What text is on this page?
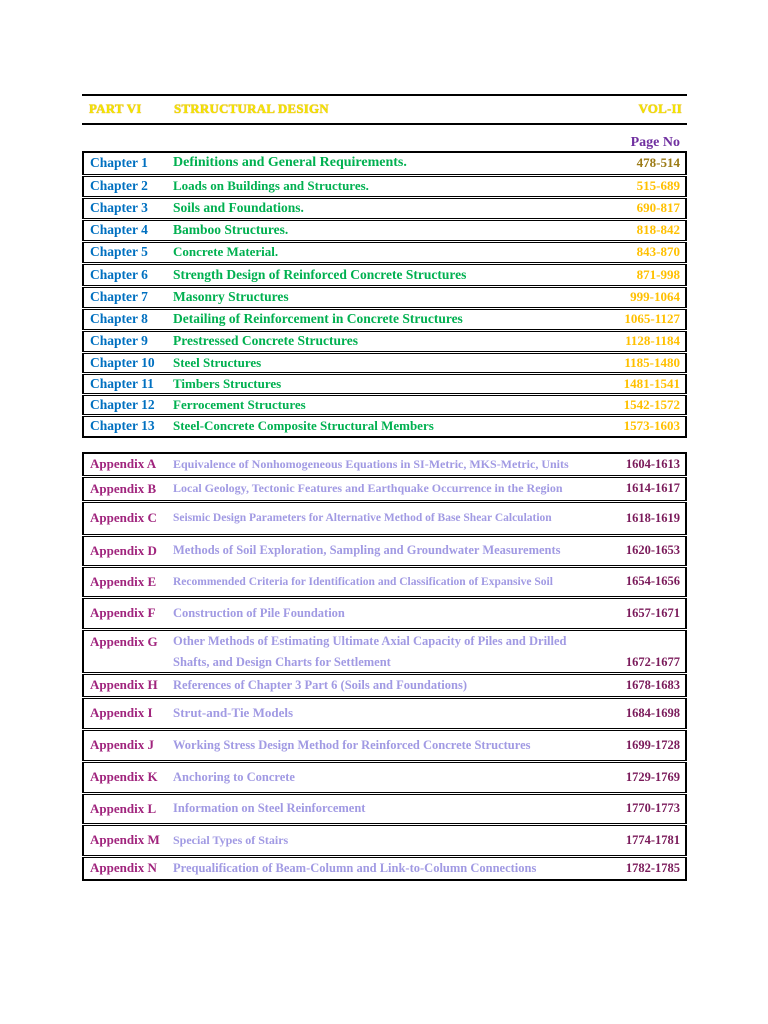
PART VI STRRUCTURAL DESIGN	VOL-II
Page No
Chapter 1	Definitions and General Requirements.	478-514
Chapter 2	Loads on Buildings and Structures.	515-689
Chapter 3	Soils and Foundations.	690-817
Chapter 4	Bamboo Structures.	818-842
Chapter 5	Concrete Material.	843-870
Chapter 6	Strength Design of Reinforced Concrete Structures	871-998
Chapter 7	Masonry Structures	999-1064
Chapter 8	Detailing of Reinforcement in Concrete Structures	1065-1127
Chapter 9	Prestressed Concrete Structures	1128-1184
Chapter 10	Steel Structures	1185-1480
Chapter 11	Timbers Structures	1481-1541
Chapter 12	Ferrocement Structures	1542-1572
Chapter 13	Steel-Concrete Composite Structural Members	1573-1603
Appendix A	Equivalence of Nonhomogeneous Equations in SI-Metric, MKS-Metric, Units	1604-1613
Appendix B	Local Geology, Tectonic Features and Earthquake Occurrence in the Region	1614-1617
Appendix C	Seismic Design Parameters for Alternative Method of Base Shear Calculation	1618-1619
Appendix D	Methods of Soil Exploration, Sampling and Groundwater Measurements	1620-1653
Appendix E	Recommended Criteria for Identification and Classification of Expansive Soil	1654-1656
Appendix F	Construction of Pile Foundation	1657-1671
Appendix G	Other Methods of Estimating Ultimate Axial Capacity of Piles and Drilled	
	Shafts, and Design Charts for Settlement	1672-1677
Appendix H	References of Chapter 3 Part 6 (Soils and Foundations)	1678-1683
Appendix I	Strut-and-Tie Models	1684-1698
Appendix J	Working Stress Design Method for Reinforced Concrete Structures	1699-1728
Appendix K	Anchoring to Concrete	1729-1769
Appendix L	Information on Steel Reinforcement	1770-1773
Appendix M	Special Types of Stairs	1774-1781
Appendix N	Prequalification of Beam-Column and Link-to-Column Connections	1782-1785
